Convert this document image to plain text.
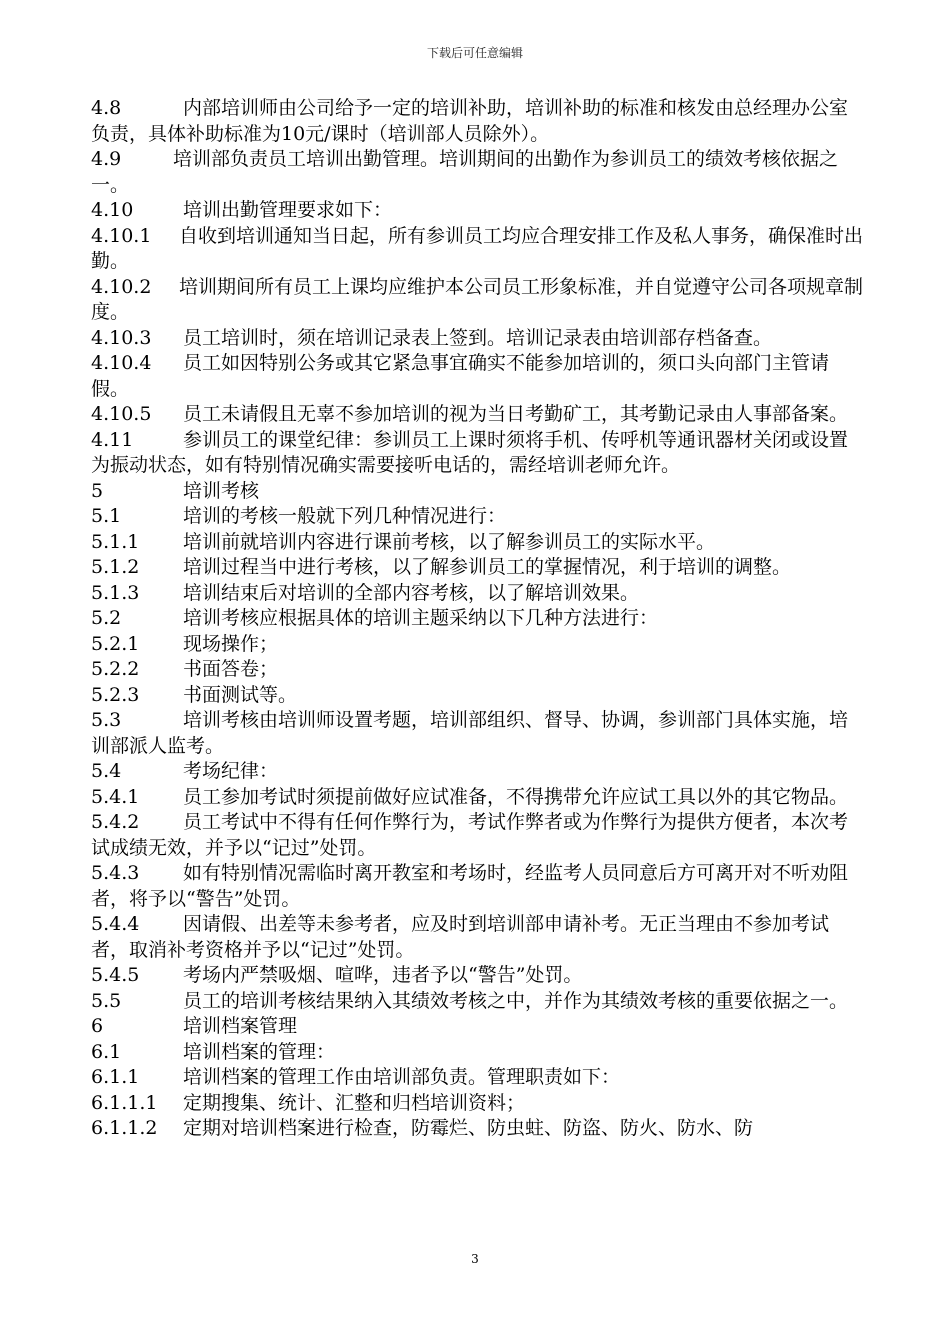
下载后可任意编辑

4.8	内部培训师由公司给予一定的培训补助，培训补助的标准和核发由总经理办公室负责，具体补助标准为10元/课时（培训部人员除外）。

4.9	培训部负责员工培训出勤管理。培训期间的出勤作为参训员工的绩效考核依据之一。

4.10	培训出勤管理要求如下：

4.10.1 自收到培训通知当日起，所有参训员工均应合理安排工作及私人事务，确保准时出勤。

4.10.2 培训期间所有员工上课均应维护本公司员工形象标准，并自觉遵守公司各项规章制度。

4.10.3 员工培训时，须在培训记录表上签到。培训记录表由培训部存档备查。

4.10.4 员工如因特别公务或其它紧急事宜确实不能参加培训的，须口头向部门主管请假。

4.10.5 员工未请假且无辜不参加培训的视为当日考勤矿工，其考勤记录由人事部备案。

4.11	参训员工的课堂纪律：参训员工上课时须将手机、传呼机等通讯器材关闭或设置为振动状态，如有特别情况确实需要接听电话的，需经培训老师允许。

5	培训考核

5.1	培训的考核一般就下列几种情况进行：

5.1.1 培训前就培训内容进行课前考核，以了解参训员工的实际水平。

5.1.2 培训过程当中进行考核，以了解参训员工的掌握情况，利于培训的调整。

5.1.3 培训结束后对培训的全部内容考核，以了解培训效果。

5.2	培训考核应根据具体的培训主题采纳以下几种方法进行：

5.2.1 现场操作；

5.2.2 书面答卷；

5.2.3 书面测试等。

5.3	培训考核由培训师设置考题，培训部组织、督导、协调，参训部门具体实施，培训部派人监考。

5.4	考场纪律：

5.4.1 员工参加考试时须提前做好应试准备，不得携带允许应试工具以外的其它物品。

5.4.2 员工考试中不得有任何作弊行为，考试作弊者或为作弊行为提供方便者，本次考试成绩无效，并予以“记过”处罚。

5.4.3 如有特别情况需临时离开教室和考场时，经监考人员同意后方可离开对不听劝阻者，将予以“警告”处罚。

5.4.4 因请假、出差等未参考者，应及时到培训部申请补考。无正当理由不参加考试者，取消补考资格并予以“记过”处罚。

5.4.5 考场内严禁吸烟、喧哗，违者予以“警告”处罚。

5.5	员工的培训考核结果纳入其绩效考核之中，并作为其绩效考核的重要依据之一。

6	培训档案管理

6.1	培训档案的管理：

6.1.1 培训档案的管理工作由培训部负责。管理职责如下：

6.1.1.1 定期搜集、统计、汇整和归档培训资料；

6.1.1.2 定期对培训档案进行检查，防霉烂、防虫蛀、防盗、防火、防水、防

3
